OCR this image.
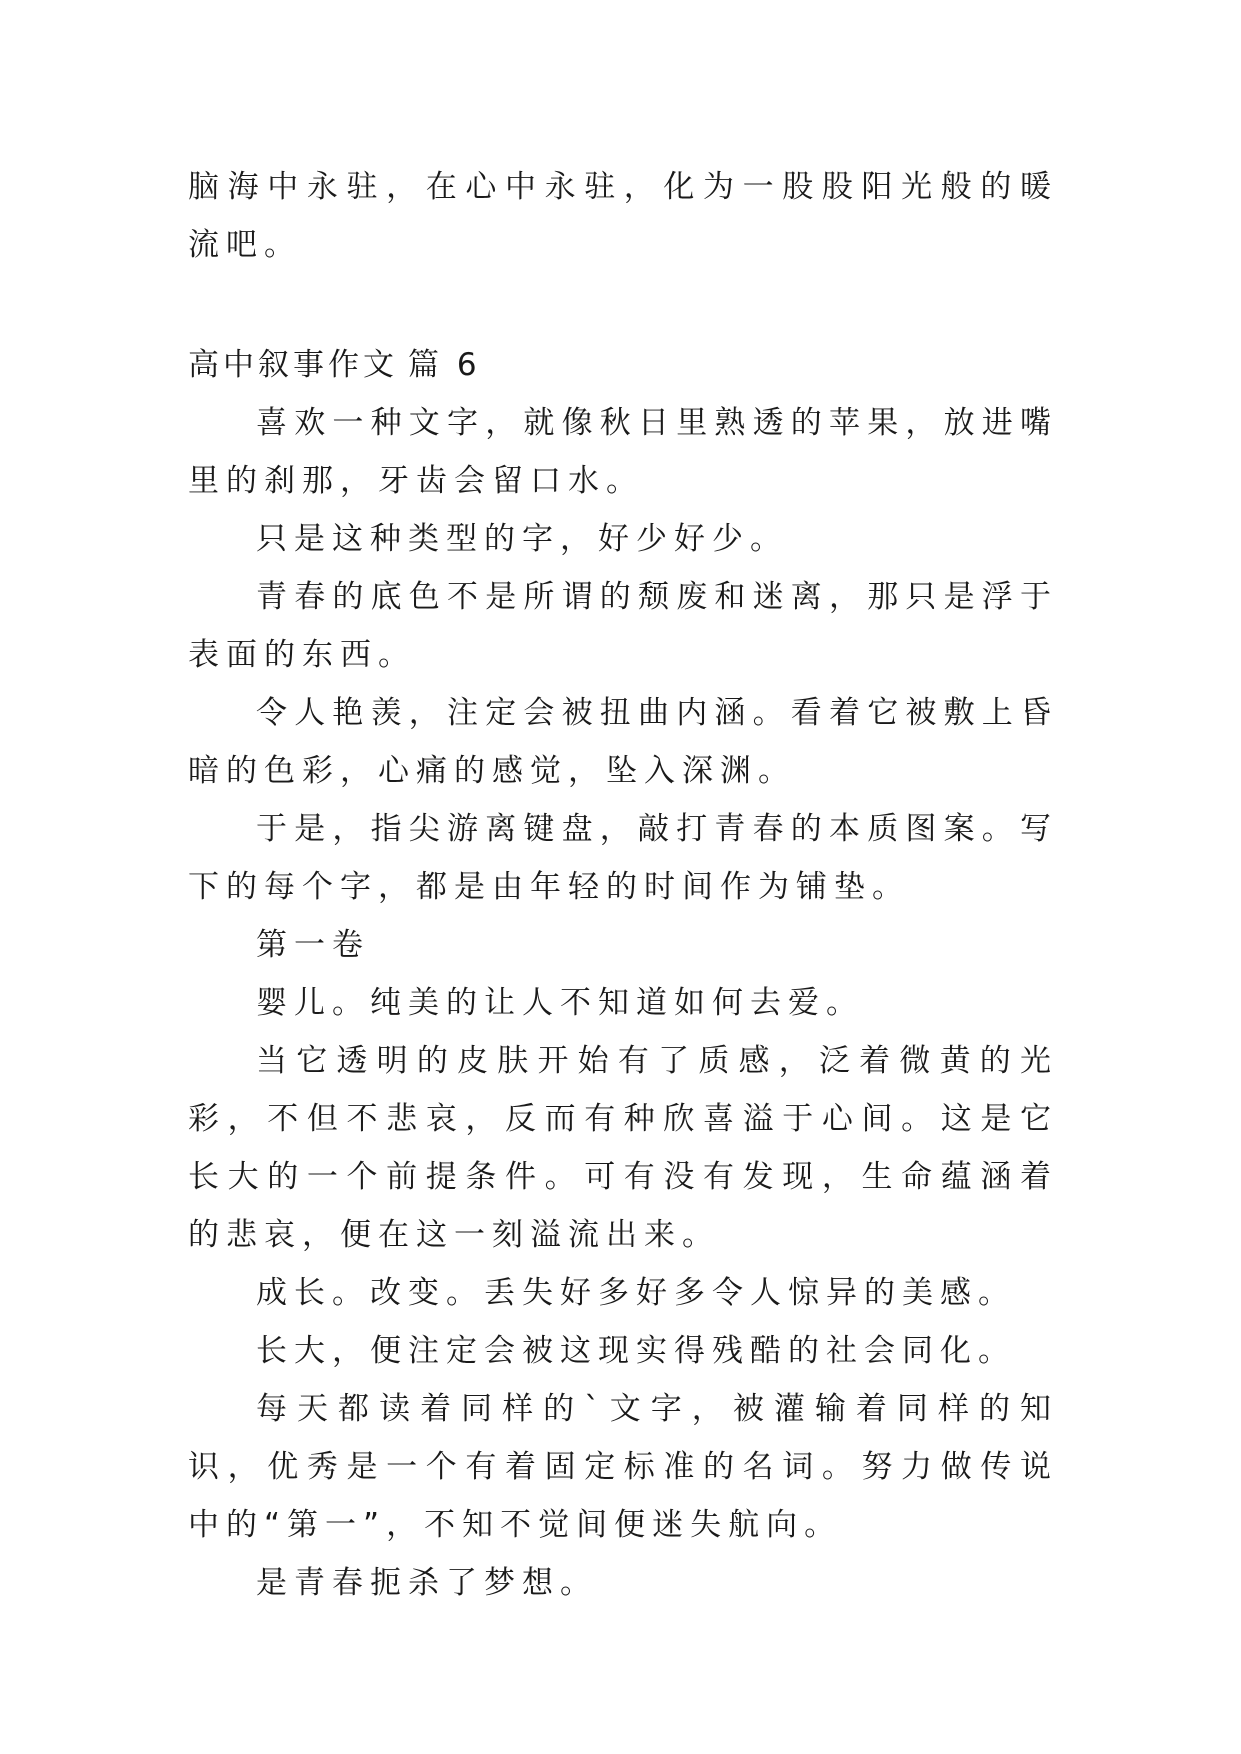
脑海中永驻，在心中永驻，化为一股股阳光般的暖流吧。

高中叙事作文 篇 6

喜欢一种文字，就像秋日里熟透的苹果，放进嘴里的刹那，牙齿会留口水。

只是这种类型的字，好少好少。

青春的底色不是所谓的颓废和迷离，那只是浮于表面的东西。

令人艳羡，注定会被扭曲内涵。看着它被敷上昏暗的色彩，心痛的感觉，坠入深渊。

于是，指尖游离键盘，敲打青春的本质图案。写下的每个字，都是由年轻的时间作为铺垫。

第一卷

婴儿。纯美的让人不知道如何去爱。

当它透明的皮肤开始有了质感，泛着微黄的光彩，不但不悲哀，反而有种欣喜溢于心间。这是它长大的一个前提条件。可有没有发现，生命蕴涵着的悲哀，便在这一刻溢流出来。

成长。改变。丢失好多好多令人惊异的美感。

长大，便注定会被这现实得残酷的社会同化。

每天都读着同样的`文字，被灌输着同样的知识，优秀是一个有着固定标准的名词。努力做传说中的“第一”，不知不觉间便迷失航向。

是青春扼杀了梦想。
